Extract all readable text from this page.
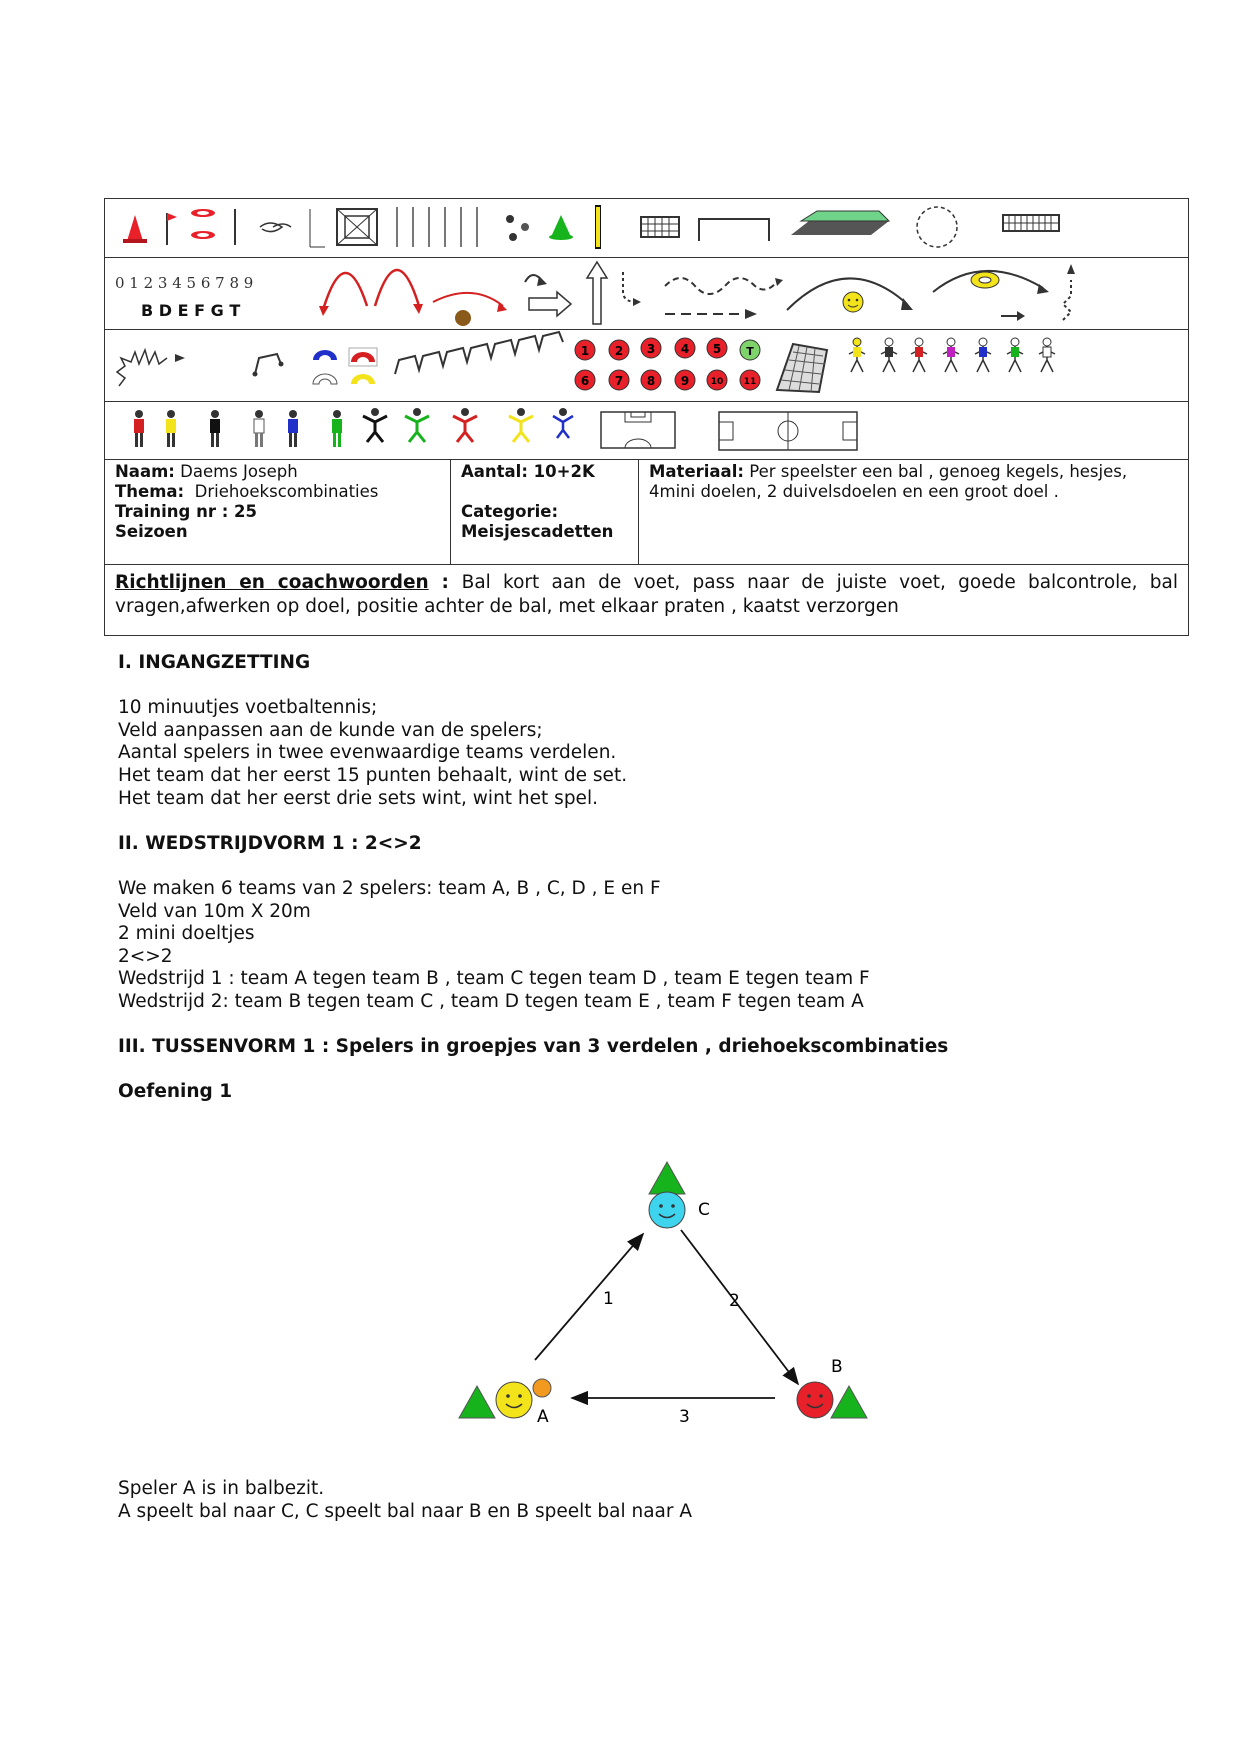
0 1 2 3 4 5 6 7 8 9
B D E F G T
1 2 3 4 5 T
6 7 8 9 10 11
Naam: Daems Joseph
Thema: Driehoekscombinaties
Training nr : 25
Seizoen
Aantal: 10+2K

Categorie:
Meisjescadetten
Materiaal: Per speelster een bal , genoeg kegels, hesjes, 4mini doelen, 2 duivelsdoelen en een groot doel .
Richtlijnen en coachwoorden : Bal kort aan de voet, pass naar de juiste voet, goede balcontrole, bal vragen,afwerken op doel, positie achter de bal, met elkaar praten , kaatst verzorgen
I. INGANGZETTING

10 minuutjes voetbaltennis;

Veld aanpassen aan de kunde van de spelers;

Aantal spelers in twee evenwaardige teams verdelen.

Het team dat her eerst 15 punten behaalt, wint de set.

Het team dat her eerst drie sets wint, wint het spel.

II. WEDSTRIJDVORM 1 : 2<>2

We maken 6 teams van 2 spelers: team A, B , C, D , E en F

Veld van 10m X 20m

2 mini doeltjes

2<>2

Wedstrijd 1 : team A tegen team B , team C tegen team D , team E tegen team F

Wedstrijd 2: team B tegen team C , team D tegen team E , team F tegen team A

III. TUSSENVORM 1 : Spelers in groepjes van 3 verdelen , driehoekscombinaties
Oefening 1
C
A
B
1	2
3

Speler A is in balbezit.

A speelt bal naar C, C speelt bal naar B en B speelt bal naar A
